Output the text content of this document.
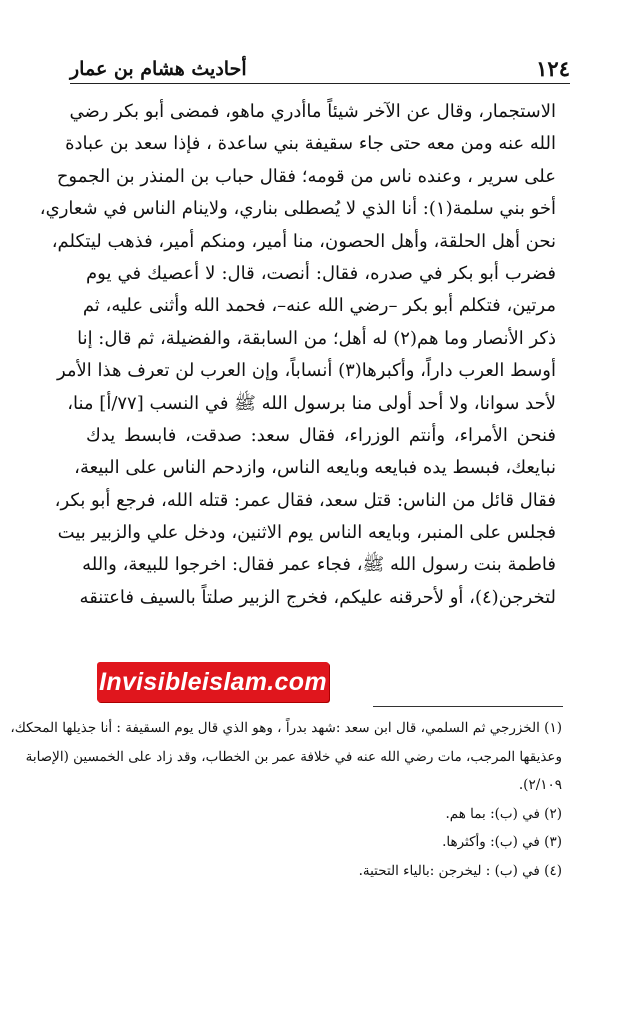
أحاديث هشام بن عمار	١٢٤
الاستجمار، وقال عن الآخر شيئاً ماأدري ماهو، فمضى أبو بكر رضي
الله عنه ومن معه حتى جاء سقيفة بني ساعدة ، فإذا سعد بن عبادة
على سرير ، وعنده ناس من قومه؛ فقال حباب بن المنذر بن الجموح
أخو بني سلمة(١): أنا الذي لا يُصطلى بناري، ولاينام الناس في شعاري،
نحن أهل الحلقة، وأهل الحصون، منا أمير، ومنكم أمير، فذهب ليتكلم،
فضرب أبو بكر في صدره، فقال: أنصت، قال: لا أعصيك في يوم
مرتين، فتكلم أبو بكر –رضي الله عنه–، فحمد الله وأثنى عليه، ثم
ذكر الأنصار وما هم(٢) له أهل؛ من السابقة، والفضيلة، ثم قال: إنا
أوسط العرب داراً، وأكبرها(٣) أنساباً، وإن العرب لن تعرف هذا الأمر
لأحد سوانا، ولا أحد أولى منا برسول الله ﷺ في النسب [٧٧/أ] منا،
فنحن الأمراء، وأنتم الوزراء، فقال سعد: صدقت، فابسط يدك
نبايعك، فبسط يده فبايعه وبايعه الناس، وازدحم الناس على البيعة،
فقال قائل من الناس: قتل سعد، فقال عمر: قتله الله، فرجع أبو بكر،
فجلس على المنبر، وبايعه الناس يوم الاثنين، ودخل علي والزبير بيت
فاطمة بنت رسول الله ﷺ، فجاء عمر فقال: اخرجوا للبيعة، والله
لتخرجن(٤)، أو لأحرقنه عليكم، فخرج الزبير صلتاً بالسيف فاعتنقه
Invisibleislam.com
(١) الخزرجي ثم السلمي، قال ابن سعد :شهد بدراً ، وهو الذي قال يوم السقيفة : أنا جذيلها المحكك،
وعذيقها المرجب، مات رضي الله عنه في خلافة عمر بن الخطاب، وقد زاد على الخمسين (الإصابة
٢/١٠٩).
(٢) في (ب): بما هم.
(٣) في (ب): وأكثرها.
(٤) في (ب) : ليخرجن :بالياء التحتية.
